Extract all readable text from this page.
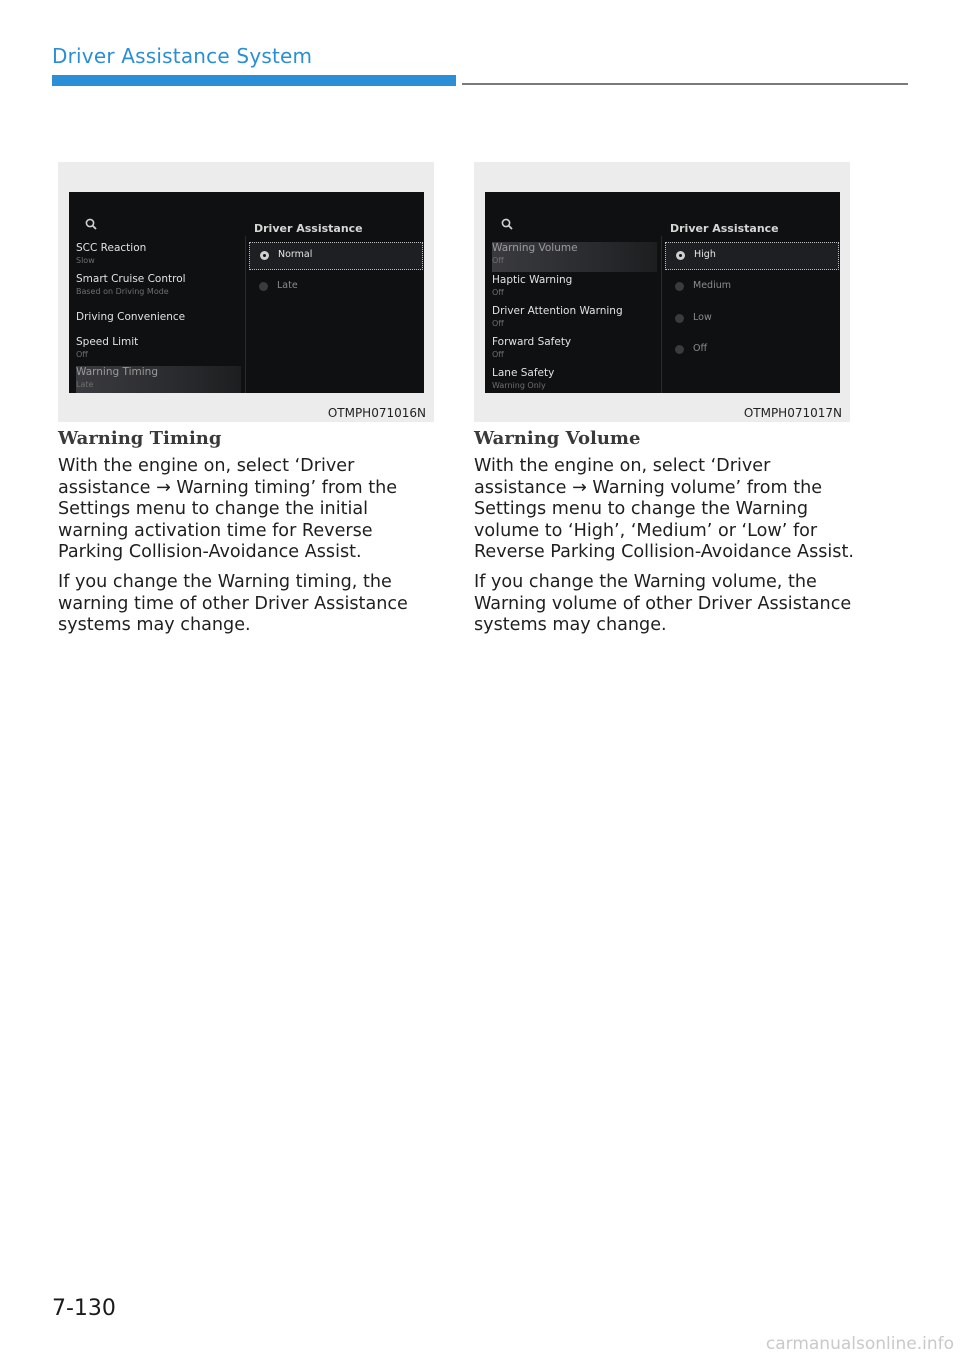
Driver Assistance System
Driver Assistance
SCC Reaction
Slow
Smart Cruise Control
Based on Driving Mode
Driving Convenience
Speed Limit
Off
Warning Timing
Late
Normal
Late
OTMPH071016N
Driver Assistance
Warning Volume
Off
Haptic Warning
Off
Driver Attention Warning
Off
Forward Safety
Off
Lane Safety
Warning Only
High
Medium
Low
Off
OTMPH071017N
Warning Timing

With the engine on, select ‘Driver assistance → Warning timing’ from the Settings menu to change the initial warning activation time for Reverse Parking Collision-Avoidance Assist.

If you change the Warning timing, the warning time of other Driver Assistance systems may change.

Warning Volume

With the engine on, select ‘Driver assistance → Warning volume’ from the Settings menu to change the Warning volume to ‘High’, ‘Medium’ or ‘Low’ for Reverse Parking Collision-Avoidance Assist.

If you change the Warning volume, the Warning volume of other Driver Assistance systems may change.

7-130
carmanualsonline.info
